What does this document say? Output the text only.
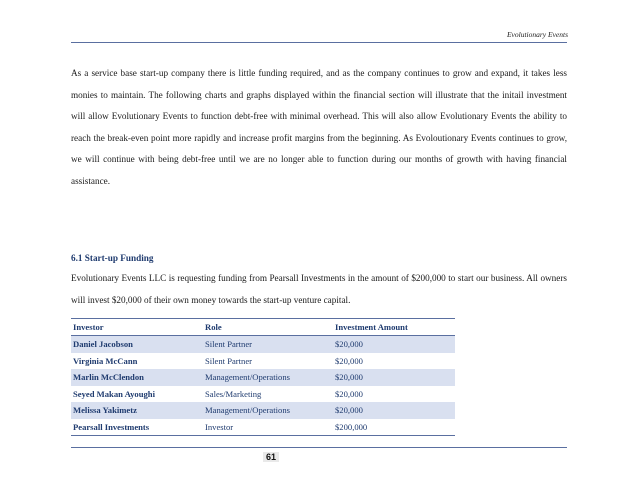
Evolutionary Events

As a service base start-up company there is little funding required, and as the company continues to grow and expand, it takes less monies to maintain. The following charts and graphs displayed within the financial section will illustrate that the initail investment will allow Evolutionary Events to function debt-free with minimal overhead. This will also allow Evolutionary Events the ability to reach the break-even point more rapidly and increase profit margins from the beginning. As Evoloutionary Events continues to grow, we will continue with being debt-free until we are no longer able to function during our months of growth with having financial assistance.

6.1 Start-up Funding

Evolutionary Events LLC is requesting funding from Pearsall Investments in the amount of $200,000 to start our business. All owners will invest $20,000 of their own money towards the start-up venture capital.

Investor	Role	Investment Amount
Daniel Jacobson	Silent Partner	$20,000
Virginia McCann	Silent Partner	$20,000
Marlin McClendon	Management/Operations	$20,000
Seyed Makan Ayoughi	Sales/Marketing	$20,000
Melissa Yakimetz	Management/Operations	$20,000
Pearsall Investments	Investor	$200,000
61
